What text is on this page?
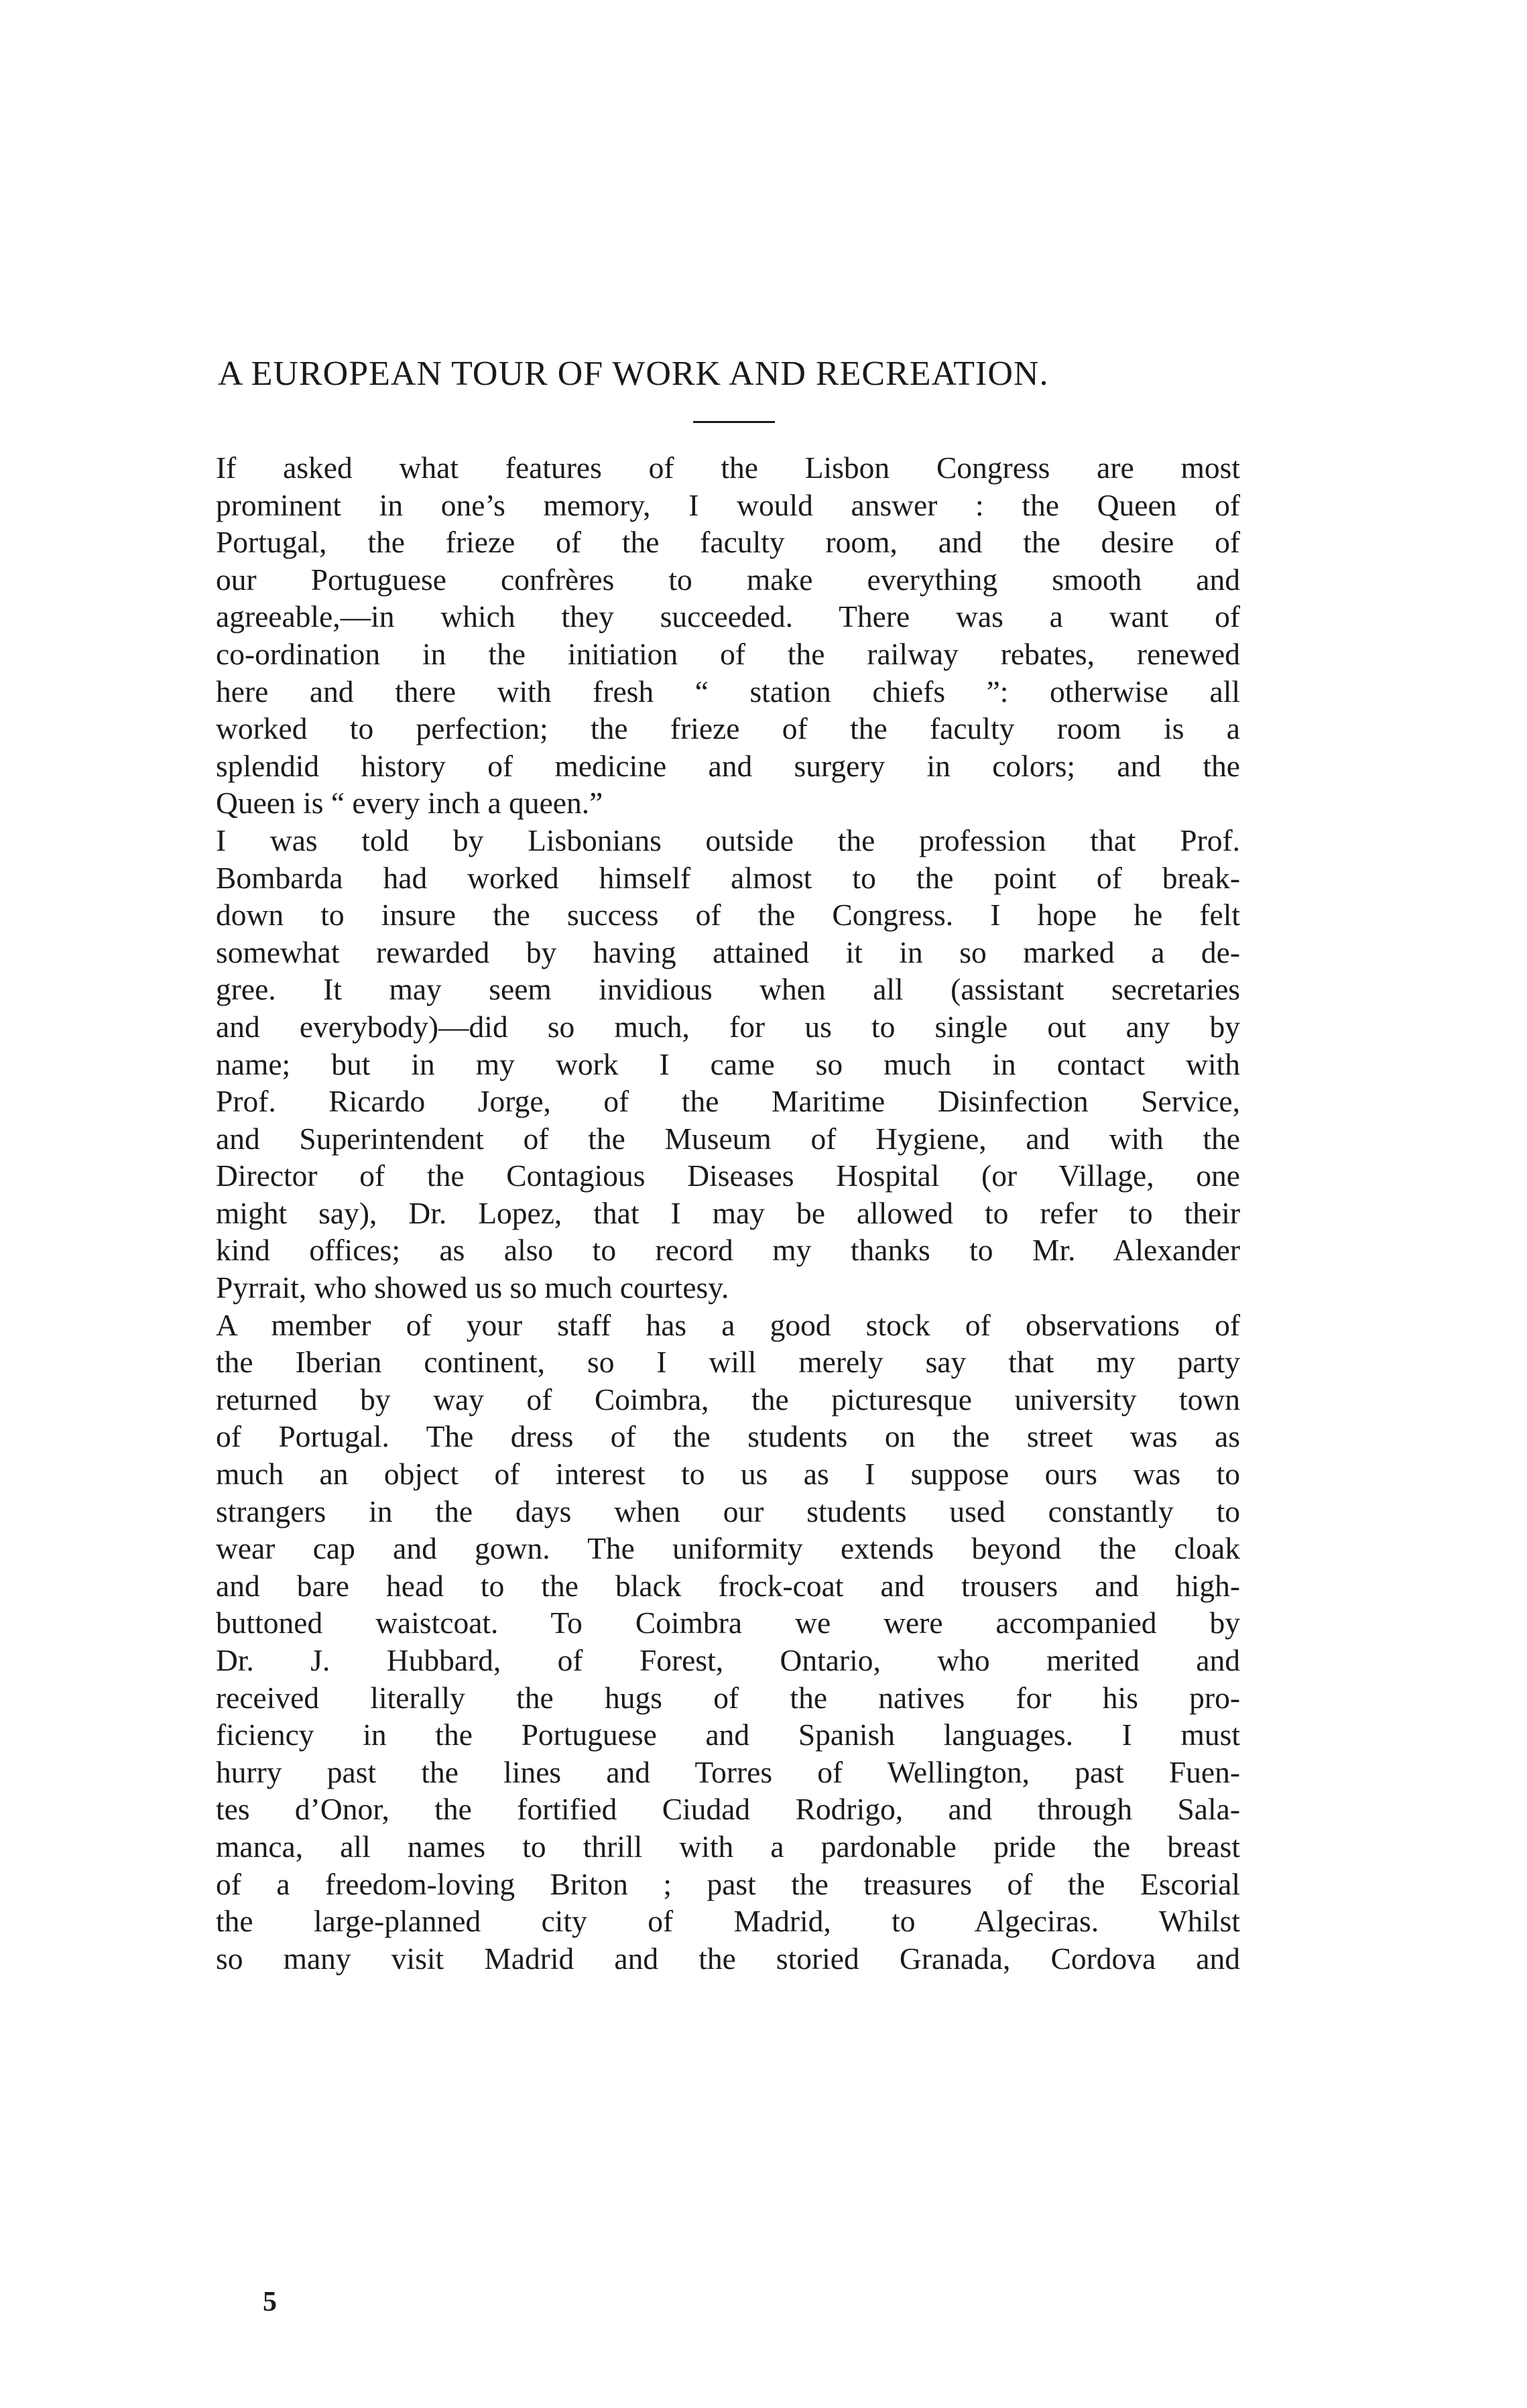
A EUROPEAN TOUR OF WORK AND RECREATION.
If asked what features of the Lisbon Congress are most
prominent in one’s memory, I would answer : the Queen of
Portugal, the frieze of the faculty room, and the desire of
our Portuguese confrères to make everything smooth and
agreeable,—in which they succeeded. There was a want of
co-ordination in the initiation of the railway rebates, renewed
here and there with fresh “ station chiefs ”: otherwise all
worked to perfection; the frieze of the faculty room is a
splendid history of medicine and surgery in colors; and the
Queen is “ every inch a queen.”
I was told by Lisbonians outside the profession that Prof.
Bombarda had worked himself almost to the point of break-
down to insure the success of the Congress. I hope he felt
somewhat rewarded by having attained it in so marked a de-
gree. It may seem invidious when all (assistant secretaries
and everybody)—did so much, for us to single out any by
name; but in my work I came so much in contact with
Prof. Ricardo Jorge, of the Maritime Disinfection Service,
and Superintendent of the Museum of Hygiene, and with the
Director of the Contagious Diseases Hospital (or Village, one
might say), Dr. Lopez, that I may be allowed to refer to their
kind offices; as also to record my thanks to Mr. Alexander
Pyrrait, who showed us so much courtesy.
A member of your staff has a good stock of observations of
the Iberian continent, so I will merely say that my party
returned by way of Coimbra, the picturesque university town
of Portugal. The dress of the students on the street was as
much an object of interest to us as I suppose ours was to
strangers in the days when our students used constantly to
wear cap and gown. The uniformity extends beyond the cloak
and bare head to the black frock-coat and trousers and high-
buttoned waistcoat. To Coimbra we were accompanied by
Dr. J. Hubbard, of Forest, Ontario, who merited and
received literally the hugs of the natives for his pro-
ficiency in the Portuguese and Spanish languages. I must
hurry past the lines and Torres of Wellington, past Fuen-
tes d’Onor, the fortified Ciudad Rodrigo, and through Sala-
manca, all names to thrill with a pardonable pride the breast
of a freedom-loving Briton ; past the treasures of the Escorial
the large-planned city of Madrid, to Algeciras. Whilst
so many visit Madrid and the storied Granada, Cordova and
5
